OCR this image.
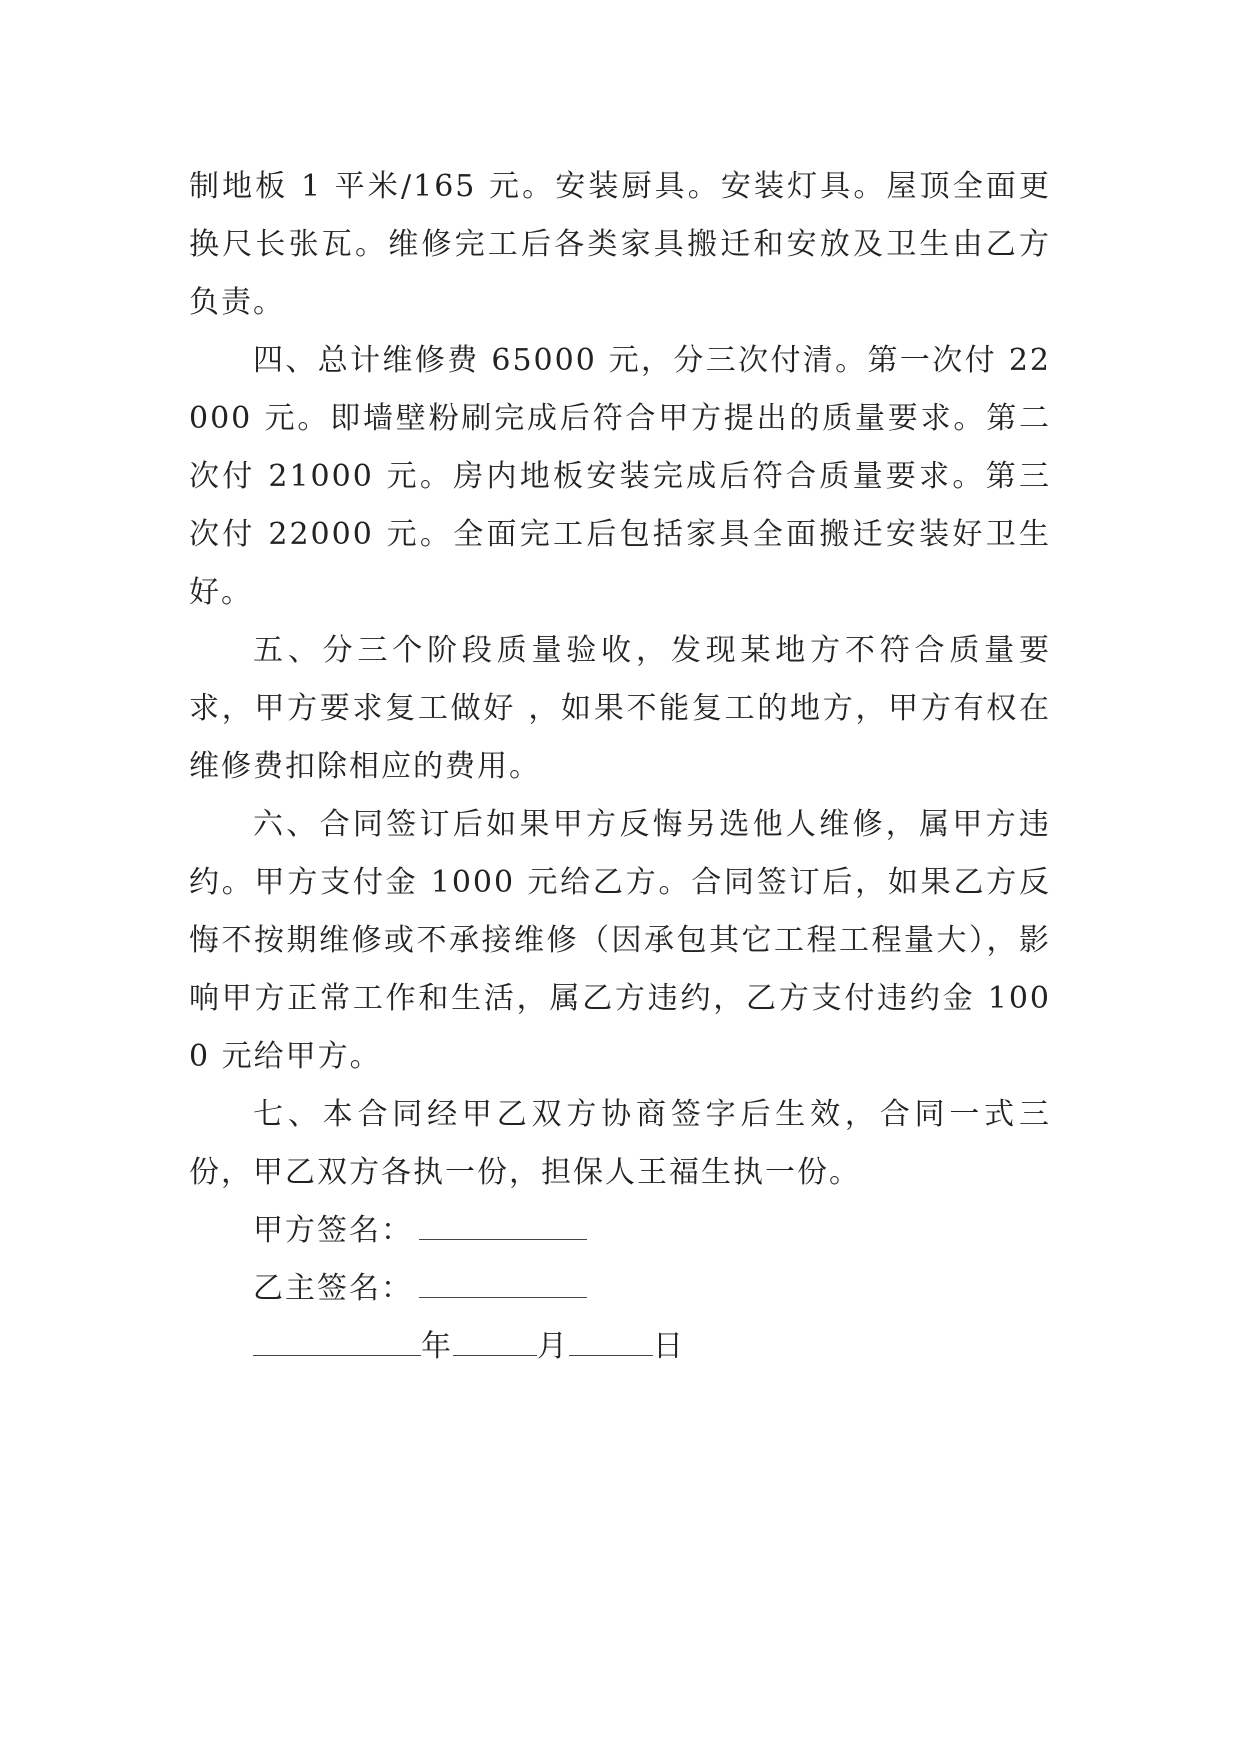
制地板 1 平米/165 元。安装厨具。安装灯具。屋顶全面更换尺长张瓦。维修完工后各类家具搬迁和安放及卫生由乙方负责。

四、总计维修费 65000 元，分三次付清。第一次付 22000 元。即墙壁粉刷完成后符合甲方提出的质量要求。第二次付 21000 元。房内地板安装完成后符合质量要求。第三次付 22000 元。全面完工后包括家具全面搬迁安装好卫生好。

五、分三个阶段质量验收，发现某地方不符合质量要求，甲方要求复工做好 ，如果不能复工的地方，甲方有权在维修费扣除相应的费用。

六、合同签订后如果甲方反悔另选他人维修，属甲方违约。甲方支付金 1000 元给乙方。合同签订后，如果乙方反悔不按期维修或不承接维修（因承包其它工程工程量大），影响甲方正常工作和生活，属乙方违约，乙方支付违约金 1000 元给甲方。

七、本合同经甲乙双方协商签字后生效，合同一式三份，甲乙双方各执一份，担保人王福生执一份。

甲方签名：

乙主签名：

年	月	日
